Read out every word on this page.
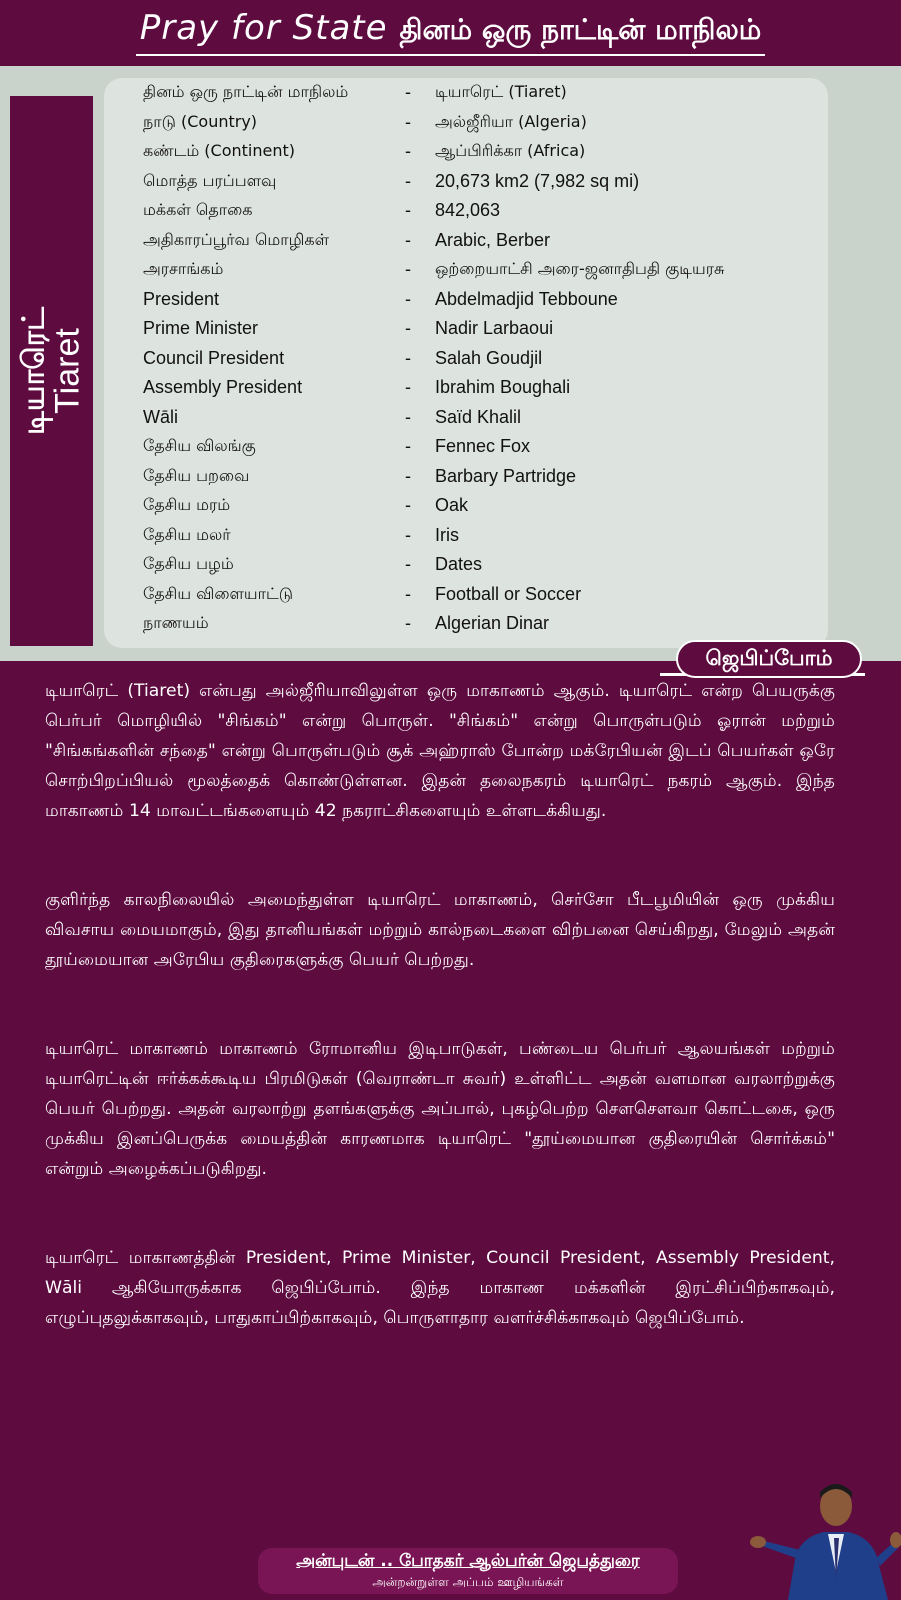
Pray for State தினம் ஒரு நாட்டின் மாநிலம்
டியாரெட்
Tiaret
தினம் ஒரு நாட்டின் மாநிலம்	-	டியாரெட் (Tiaret)
நாடு (Country)	-	அல்ஜீரியா (Algeria)
கண்டம் (Continent)	-	ஆப்பிரிக்கா (Africa)
மொத்த பரப்பளவு	-	20,673 km2 (7,982 sq mi)
மக்கள் தொகை	-	842,063
அதிகாரப்பூர்வ மொழிகள்	-	Arabic, Berber
அரசாங்கம்	-	ஒற்றையாட்சி அரை-ஜனாதிபதி குடியரசு
President	-	Abdelmadjid Tebboune
Prime Minister	-	Nadir Larbaoui
Council President	-	Salah Goudjil
Assembly President	-	Ibrahim Boughali
Wāli	-	Saïd Khalil
தேசிய விலங்கு	-	Fennec Fox
தேசிய பறவை	-	Barbary Partridge
தேசிய மரம்	-	Oak
தேசிய மலர்	-	Iris
தேசிய பழம்	-	Dates
தேசிய விளையாட்டு	-	Football or Soccer
நாணயம்	-	Algerian Dinar
ஜெபிப்போம்

டியாரெட் (Tiaret) என்பது அல்ஜீரியாவிலுள்ள ஒரு மாகாணம் ஆகும். டியாரெட் என்ற பெயருக்கு பெர்பர் மொழியில் "சிங்கம்" என்று பொருள். "சிங்கம்" என்று பொருள்படும் ஓரான் மற்றும் "சிங்கங்களின் சந்தை" என்று பொருள்படும் சூக் அஹ்ராஸ் போன்ற மக்ரேபியன் இடப் பெயர்கள் ஒரே சொற்பிறப்பியல் மூலத்தைக் கொண்டுள்ளன. இதன் தலைநகரம் டியாரெட் நகரம் ஆகும். இந்த மாகாணம் 14 மாவட்டங்களையும் 42 நகராட்சிகளையும் உள்ளடக்கியது.

குளிர்ந்த காலநிலையில் அமைந்துள்ள டியாரெட் மாகாணம், செர்சோ பீடபூமியின் ஒரு முக்கிய விவசாய மையமாகும், இது தானியங்கள் மற்றும் கால்நடைகளை விற்பனை செய்கிறது, மேலும் அதன் தூய்மையான அரேபிய குதிரைகளுக்கு பெயர் பெற்றது.

டியாரெட் மாகாணம் மாகாணம் ரோமானிய இடிபாடுகள், பண்டைய பெர்பர் ஆலயங்கள் மற்றும் டியாரெட்டின் ஈர்க்கக்கூடிய பிரமிடுகள் (வெராண்டா சுவர்) உள்ளிட்ட அதன் வளமான வரலாற்றுக்கு பெயர் பெற்றது. அதன் வரலாற்று தளங்களுக்கு அப்பால், புகழ்பெற்ற சௌசௌவா கொட்டகை, ஒரு முக்கிய இனப்பெருக்க மையத்தின் காரணமாக டியாரெட் "தூய்மையான குதிரையின் சொர்க்கம்" என்றும் அழைக்கப்படுகிறது.

டியாரெட் மாகாணத்தின் President, Prime Minister, Council President, Assembly President, Wāli ஆகியோருக்காக ஜெபிப்போம். இந்த மாகாண மக்களின் இரட்சிப்பிற்காகவும், எழுப்புதலுக்காகவும், பாதுகாப்பிற்காகவும், பொருளாதார வளர்ச்சிக்காகவும் ஜெபிப்போம்.

அன்புடன் .. போதகர் ஆல்பர்ன் ஜெபத்துரை
அன்றன்றுள்ள அப்பம் ஊழியங்கள்
